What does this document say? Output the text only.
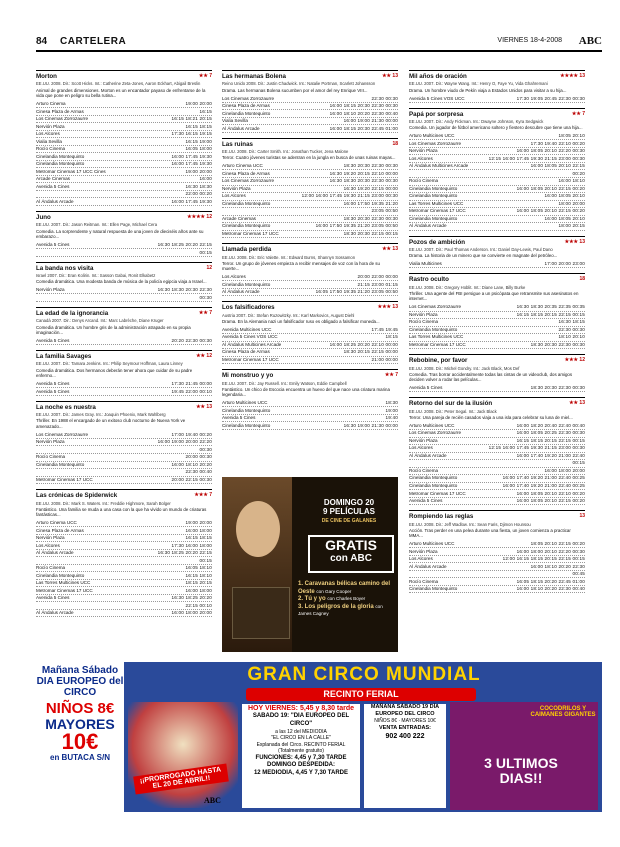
84 CARTELERA	VIERNES 18-4-2008 ABC
Morton	★★ 7
EE.UU. 2008. Dir.: Scott Hicks. Int.: Catherine Zeta-Jones, Aaron Eckhart, Abigail Breslin
Animal de grandes dimensiones. Morton es un encantador payaso de enfrentarse de la vida que pone en peligro su bella rutina...
Arturo Cinema	19:00 20:00
Cinesa Plaza de Armas	16:15
Los Cinemas Zorrozaurre	16:15 18:21 20:15
Nervión Plaza	16:15 18:15
Los Alcores	17:30 16:15 19:15
Vialia Sevilla	16:15 19:00
Rocío Cinema	16:05 18:00
Cinelandia Montequinto	16:00 17:45 19:30
Cinelandia Montequinto	16:00 17:45 19:30
Metromar Cinemas 17 UCC Cines	19:00 20:00
Arcade Cinemas	16:00
Avenida 5 Cines	16:30 18:30
22:00 00:20
Al Ándalus Arcade	16:00 17:45 19:30
Juno	★★★★ 12
EE.UU. 2007. Dir.: Jason Reitman. Int.: Ellen Page, Michael Cera
Comedia. La sorprendente y natural respuesta de una joven de dieciséis años ante su embarazo...
Avenida 5 Cines	16:30 18:25 20:20 22:15
00:15
La banda nos visita	12
Israel 2007. Dir.: Eran Kolirin. Int.: Sasson Gabai, Ronit Elkabetz
Comedia dramática. Una modesta banda de música de la policía egipcia viaja a Israel...
Nervión Plaza	16:30 18:30 20:30 22:30
00:30
La edad de la ignorancia	★★ 7
Canadá 2007. Dir.: Denys Arcand. Int.: Marc Labrèche, Diane Kruger
Comedia dramática. Un hombre gris de la administración atrapado en su propia imaginación...
Avenida 5 Cines	20:20 22:30 00:30
La familia Savages	★★ 12
EE.UU. 2007. Dir.: Tamara Jenkins. Int.: Philip Seymour Hoffman, Laura Linney
Comedia dramática. Dos hermanos deberán tener ahora que cuidar de su padre enfermo...
Avenida 5 Cines	17:30 21:45 00:00
Avenida 5 Cines	19:45 22:00 00:10
La noche es nuestra	★★ 13
EE.UU. 2007. Dir.: James Gray. Int.: Joaquin Phoenix, Mark Wahlberg
Thriller. En 1988 el encargado de un exitoso club nocturno de Nueva York ve amenazado...
Los Cinemas Zorrozaurre	17:00 19:40 00:20
Nervión Plaza	16:00 19:00 20:00 22:20
00:30
Rocío Cinema	20:00 00:30
Cinelandia Montequinto	16:00 18:10 20:20
22:30 00:40
Metromar Cinemas 17 UCC	20:00 22:15 00:30
Las crónicas de Spiderwick	★★★ 7
EE.UU. 2008. Dir.: Mark S. Waters. Int.: Freddie Highmore, Sarah Bolger
Fantástico. Una familia se muda a una casa con la que ha vivido un mundo de criaturas fantásticas...
Arturo Cinema UCC	19:00 20:00
Cinesa Plaza de Armas	16:00 18:00
Nervión Plaza	16:15 18:15
Los Alcores	17:30 16:00 18:00
Al Ándalus Arcade	16:30 18:25 20:20 22:15
00:15
Rocío Cinema	16:05 18:10
Cinelandia Montequinto	16:15 18:10
Las Torres Multicines UCC	18:15 20:15
Metromar Cinemas 17 UCC	16:00 18:00
Avenida 5 Cines	16:30 18:25 20:20
22:15 00:10
Al Ándalus Arcade	16:00 18:00 20:00
Las hermanas Bolena	★★ 13
Reino Unido 2008. Dir.: Justin Chadwick. Int.: Natalie Portman, Scarlett Johansson
Drama. Las hermanas Bolena sucumben por el amor del rey Enrique VIII...
Los Cinemas Zorrozaurre	22:30 00:30
Cinesa Plaza de Armas	16:00 18:15 20:30 22:30 00:30
Cinelandia Montequinto	16:00 18:10 20:20 22:30 00:40
Vialia Sevilla	16:00 19:00 21:30 00:00
Al Ándalus Arcade	16:00 18:15 20:30 22:45 01:00
Las ruinas	18
EE.UU. 2008. Dir.: Carter Smith. Int.: Jonathan Tucker, Jena Malone
Terror. Cuatro jóvenes turistas se adentran en la jungla en busca de unas ruinas mayas...
Arturo Cinema UCC	18:30 20:30 22:30 00:30
Cinesa Plaza de Armas	16:30 19:20 20:15 22:10 00:00
Los Cinemas Zorrozaurre	16:30 18:30 20:30 22:30 00:30
Nervión Plaza	16:30 19:20 22:15 00:00
Los Alcores	12:00 16:00 17:45 19:30 21:15 23:00 00:30
Cinelandia Montequinto	16:00 17:50 19:35 21:20
23:05 00:50
Arcade Cinemas	18:30 20:30 22:30 00:30
Cinelandia Montequinto	16:00 17:50 19:35 21:20 23:05 00:50
Metromar Cinemas 17 UCC	18:30 20:30 22:15 00:15
Llamada perdida	★★ 13
EE.UU. 2008. Dir.: Eric Valette. Int.: Edward Burns, Shannyn Sossamon
Terror. Un grupo de jóvenes empieza a recibir mensajes de voz con la hora de su muerte...
Los Alcores	20:00 22:00 00:00
Cinelandia Montequinto	21:15 23:00 01:15
Al Ándalus Arcade	16:05 17:50 19:35 21:20 23:05 00:50
Los falsificadores	★★★ 13
Austria 2007. Dir.: Stefan Ruzowitzky. Int.: Karl Markovics, August Diehl
Drama. En la Alemania nazi un falsificador ruso es obligado a falsificar moneda...
Avenida Multicines UCC	17:45 19:45
Avenida 5 Cines VOS UCC	18:15
Al Ándalus Multicines Arcade	16:00 18:25 20:20 22:10 00:00
Cinesa Plaza de Armas	18:30 20:15 22:15 00:00
Metromar Cinemas 17 UCC	21:00 00:00
Mi monstruo y yo	★★ 7
EE.UU. 2007. Dir.: Jay Russell. Int.: Emily Watson, Eddie Campbell
Fantástico. Un chico de Escocia encuentra un huevo del que nace una criatura marina legendaria...
Arturo Multicines UCC	18:30
Cinelandia Montequinto	19:00
Avenida 5 Cines	19:40
Cinelandia Montequinto	16:30 19:00 21:30 00:00
Mil años de oración	★★★★ 13
EE.UU. 2007. Dir.: Wayne Wang. Int.: Henry O, Faye Yu, Vida Ghahremani
Drama. Un hombre viudo de Pekín viaja a Estados Unidos para visitar a su hija...
Avenida 5 Cines VOS UCC	17:30 19:05 20:45 22:30 00:30
Papá por sorpresa	★★ 7
EE.UU. 2007. Dir.: Andy Fickman. Int.: Dwayne Johnson, Kyra Sedgwick
Comedia. Un jugador de fútbol americano soltero y fiestero descubre que tiene una hija...
Arturo Multicines UCC	18:05 20:10
Los Cinemas Zorrozaurre	17:30 19:40 22:10 00:20
Nervión Plaza	16:00 18:05 20:10 22:20 00:30
Los Alcores	12:15 16:00 17:45 19:30 21:15 23:00 00:30
Al Ándalus Multicines Arcade	16:00 18:05 20:10 22:15
00:20
Rocío Cinema	16:00 18:10
Cinelandia Montequinto	16:00 18:05 20:10 22:15 00:20
Cinelandia Montequinto	16:00 18:05 20:10
Las Torres Multicines UCC	18:00 20:00
Metromar Cinemas 17 UCC	16:00 18:05 20:10 22:15 00:20
Cinelandia Montequinto	16:00 18:05 20:10
Al Ándalus Arcade	18:00 20:15
Pozos de ambición	★★★ 13
EE.UU. 2007. Dir.: Paul Thomas Anderson. Int.: Daniel Day-Lewis, Paul Dano
Drama. La historia de un minero que se convierte en magnate del petróleo...
Vialia Multicines	17:00 20:00 23:00
Rastro oculto	18
EE.UU. 2008. Dir.: Gregory Hoblit. Int.: Diane Lane, Billy Burke
Thriller. Una agente del FBI persigue a un psicópata que retransmite sus asesinatos en internet...
Los Cinemas Zorrozaurre	16:30 18:30 20:35 22:35 00:35
Nervión Plaza	16:15 18:15 20:15 22:15 00:15
Rocío Cinema	16:30 18:15
Cinelandia Montequinto	22:30 00:30
Las Torres Multicines UCC	18:10 20:10
Metromar Cinemas 17 UCC	18:30 20:30 22:30 00:30
Rebobine, por favor	★★★ 12
EE.UU. 2008. Dir.: Michel Gondry. Int.: Jack Black, Mos Def
Comedia. Tras borrar accidentalmente todas las cintas de un videoclub, dos amigos deciden volver a rodar las películas...
Avenida 5 Cines	18:30 20:30 22:30 00:30
Retorno del sur de la ilusión	★★ 13
EE.UU. 2008. Dir.: Peter Segal. Int.: Jack Black
Terror. Una pareja de recién casados viaja a una isla para celebrar su luna de miel...
Arturo Multicines UCC	16:00 18:20 20:40 22:40 00:40
Los Cinemas Zorrozaurre	16:00 18:05 20:25 22:30 00:30
Nervión Plaza	16:15 18:15 20:15 22:15 00:15
Los Alcores	12:15 16:00 17:45 19:30 21:15 23:00 00:30
Al Ándalus Arcade	16:00 17:40 19:20 21:00 22:40
00:15
Rocío Cinema	16:00 18:00 20:00
Cinelandia Montequinto	16:00 17:40 19:20 21:00 22:40 00:25
Cinelandia Montequinto	16:00 17:40 19:20 21:00 22:40 00:25
Metromar Cinemas 17 UCC	16:00 18:05 20:10 22:10 00:20
Avenida 5 Cines	16:00 18:05 20:10 22:15 00:20
Rompiendo las reglas	13
EE.UU. 2008. Dir.: Jeff Wadlow. Int.: Sean Faris, Djimon Hounsou
Acción. Tras perder en una pelea durante una fiesta, un joven comienza a practicar MMA...
Arturo Multicines UCC	18:05 20:10 22:15 00:20
Nervión Plaza	16:00 18:00 20:10 22:20 00:30
Los Alcores	12:00 16:15 18:15 20:15 22:15 00:15
Al Ándalus Arcade	16:00 18:10 20:20 22:30
00:45
Rocío Cinema	16:05 18:15 20:20 22:45 01:00
Cinelandia Montequinto	16:00 18:10 20:20 22:30 00:40
DOMINGO 20
9 PELÍCULAS
DE CINE DE GALANES
GRATIS
con ABC
1. Caravanas bélicas camino del Oeste con Gary Cooper
2. Tú y yo con Charles Boyer
3. Los peligros de la gloria con James Cagney
Mañana Sábado DIA EUROPEO del CIRCO
NIÑOS 8€
MAYORES
10€
en BUTACA S/N
GRAN CIRCO MUNDIAL
RECINTO FERIAL
¡¡PRORROGADO HASTA EL 20 DE ABRIL!!
HOY VIERNES: 5,45 y 8,30 tarde
SABADO 19: "DIA EUROPEO DEL CIRCO"
a las 12 del MEDIODIA
"EL CIRCO EN LA CALLE"
Explanada del Circo. RECINTO FERIAL
(Totalmente gratuito)
FUNCIONES: 4,45 y 7,30 TARDE
DOMINGO DESPEDIDA:
12 MEDIODIA, 4,45 Y 7,30 TARDE
MAÑANA SÁBADO 19 DÍA EUROPEO DEL CIRCO
NIÑOS 8€ · MAYORES 10€
VENTA ENTRADAS:
902 400 222
COCODRILOS Y CAIMANES GIGANTES
3 ULTIMOS DIAS!!
ABC
